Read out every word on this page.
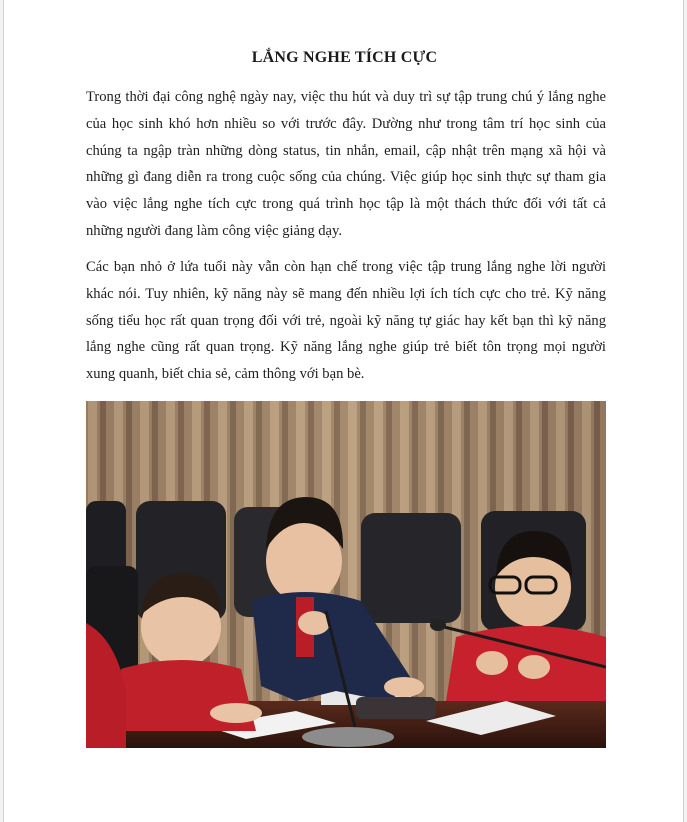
LẮNG NGHE TÍCH CỰC

Trong thời đại công nghệ ngày nay, việc thu hút và duy trì sự tập trung chú ý lắng nghe của học sinh khó hơn nhiều so với trước đây. Dường như trong tâm trí học sinh của chúng ta ngập tràn những dòng status, tin nhắn, email, cập nhật trên mạng xã hội và những gì đang diễn ra trong cuộc sống của chúng. Việc giúp học sinh thực sự tham gia vào việc lắng nghe tích cực trong quá trình học tập là một thách thức đối với tất cả những người đang làm công việc giảng dạy.

Các bạn nhỏ ở lứa tuổi này vẫn còn hạn chế trong việc tập trung lắng nghe lời người khác nói. Tuy nhiên, kỹ năng này sẽ mang đến nhiều lợi ích tích cực cho trẻ. Kỹ năng sống tiểu học rất quan trọng đối với trẻ, ngoài kỹ năng tự giác hay kết bạn thì kỹ năng lắng nghe cũng rất quan trọng. Kỹ năng lắng nghe giúp trẻ biết tôn trọng mọi người xung quanh, biết chia sẻ, cảm thông với bạn bè.
